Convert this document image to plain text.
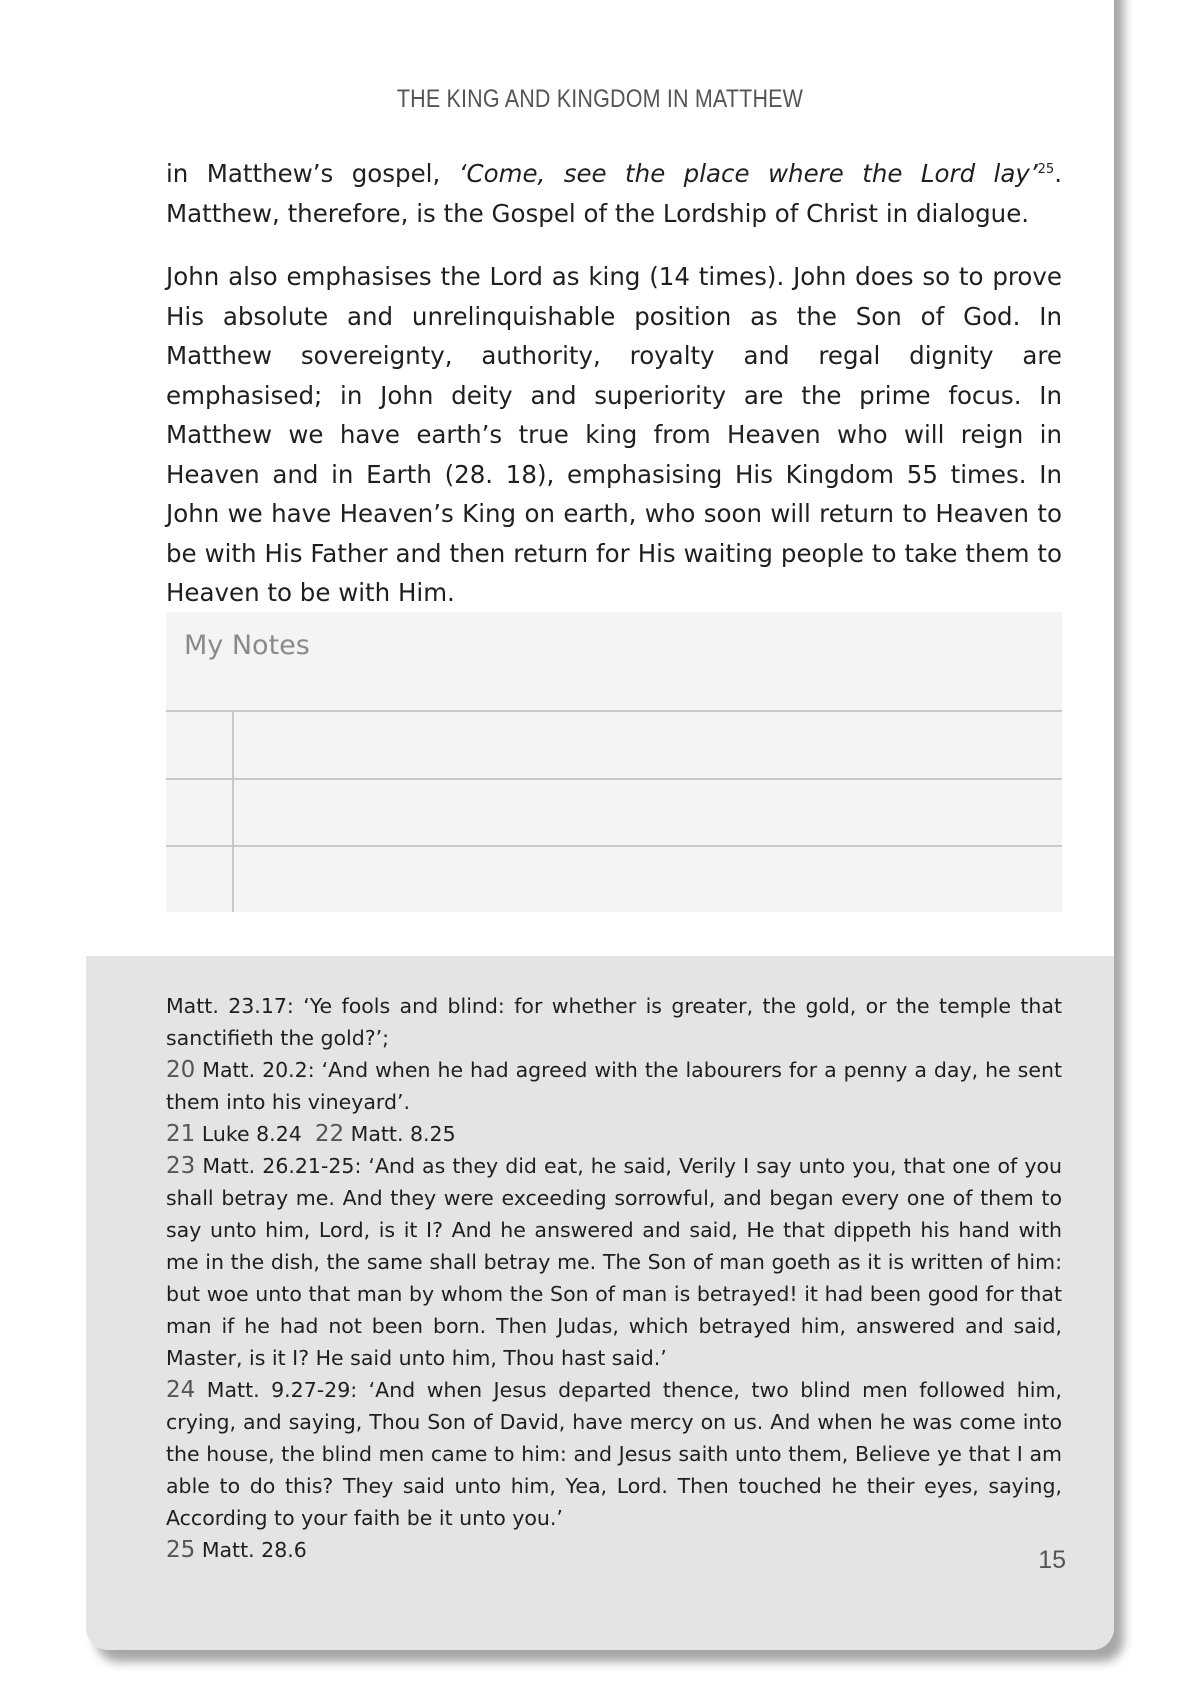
THE KING AND KINGDOM IN MATTHEW

in Matthew’s gospel, ‘Come, see the place where the Lord lay’$^{25}$. Matthew, therefore, is the Gospel of the Lordship of Christ in dialogue.

John also emphasises the Lord as king (14 times). John does so to prove His absolute and unrelinquishable position as the Son of God. In Matthew sovereignty, authority, royalty and regal dignity are emphasised; in John deity and superiority are the prime focus. In Matthew we have earth’s true king from Heaven who will reign in Heaven and in Earth (28. 18), emphasising His Kingdom 55 times. In John we have Heaven’s King on earth, who soon will return to Heaven to be with His Father and then return for His waiting people to take them to Heaven to be with Him.

My Notes
Matt. 23.17: ‘Ye fools and blind: for whether is greater, the gold, or the temple that sanctifieth the gold?’;
20 Matt. 20.2: ‘And when he had agreed with the labourers for a penny a day, he sent them into his vineyard’.
21 Luke 8.24 22 Matt. 8.25
23 Matt. 26.21-25: ‘And as they did eat, he said, Verily I say unto you, that one of you shall betray me. And they were exceeding sorrowful, and began every one of them to say unto him, Lord, is it I? And he answered and said, He that dippeth his hand with me in the dish, the same shall betray me. The Son of man goeth as it is written of him: but woe unto that man by whom the Son of man is betrayed! it had been good for that man if he had not been born. Then Judas, which betrayed him, answered and said, Master, is it I? He said unto him, Thou hast said.’
24 Matt. 9.27-29: ‘And when Jesus departed thence, two blind men followed him, crying, and saying, Thou Son of David, have mercy on us. And when he was come into the house, the blind men came to him: and Jesus saith unto them, Believe ye that I am able to do this? They said unto him, Yea, Lord. Then touched he their eyes, saying, According to your faith be it unto you.’
25 Matt. 28.6	15
